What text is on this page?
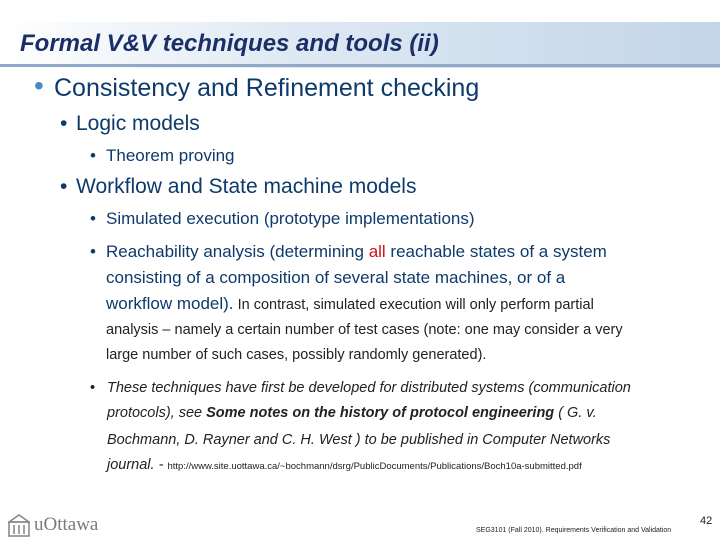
Formal V&V techniques and tools (ii)
• Consistency and Refinement checking
• Logic models
• Theorem proving
• Workflow and State machine models
• Simulated execution (prototype implementations)
• Reachability analysis (determining all reachable states of a system
consisting of a composition of several state machines, or of a
workflow model). In contrast, simulated execution will only perform partial
analysis – namely a certain number of test cases (note: one may consider a very
large number of such cases, possibly randomly generated).
• These techniques have first be developed for distributed systems (communication
protocols), see Some notes on the history of protocol engineering ( G. v.
Bochmann, D. Rayner and C. H. West ) to be published in Computer Networks
journal. - http://www.site.uottawa.ca/~bochmann/dsrg/PublicDocuments/Publications/Boch10a-submitted.pdf
uOttawa	SEG3101 (Fall 2010). Requirements Verification and Validation
42
